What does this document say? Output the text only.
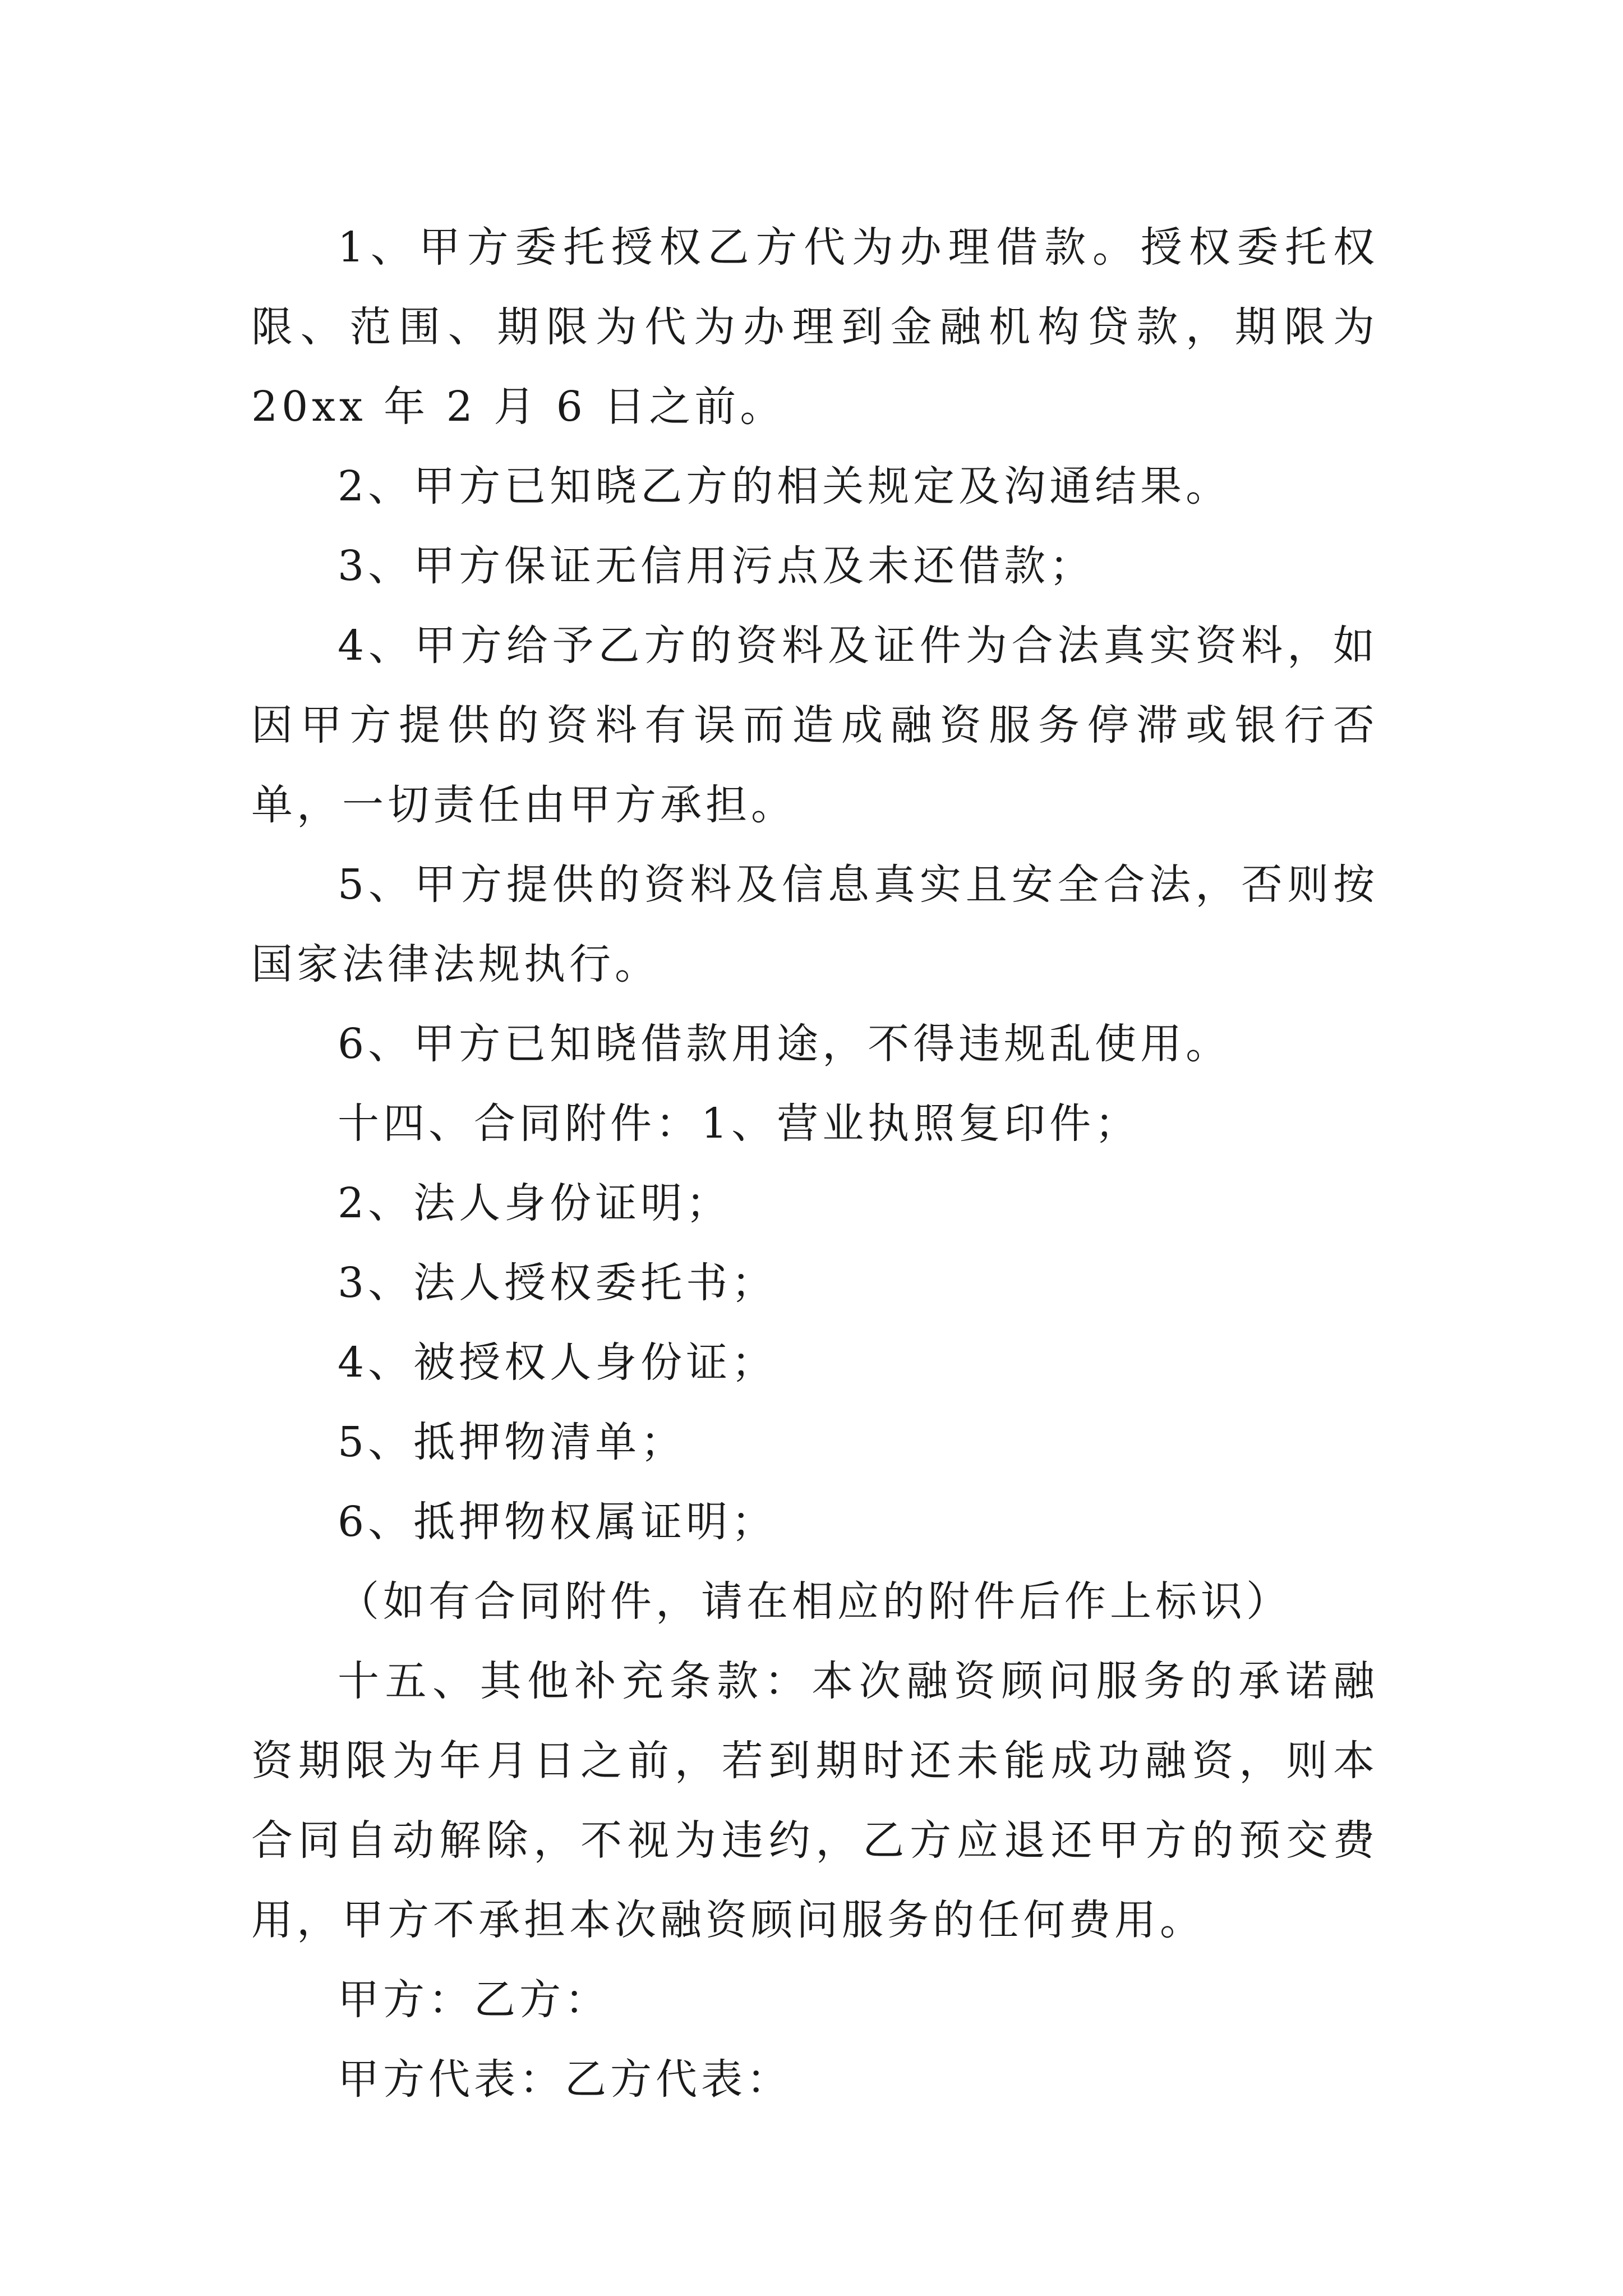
1、甲方委托授权乙方代为办理借款。授权委托权限、范围、期限为代为办理到金融机构贷款，期限为 20xx 年 2 月 6 日之前。

2、甲方已知晓乙方的相关规定及沟通结果。

3、甲方保证无信用污点及未还借款；

4、甲方给予乙方的资料及证件为合法真实资料，如因甲方提供的资料有误而造成融资服务停滞或银行否单，一切责任由甲方承担。

5、甲方提供的资料及信息真实且安全合法，否则按国家法律法规执行。

6、甲方已知晓借款用途，不得违规乱使用。

十四、合同附件：1、营业执照复印件；

2、法人身份证明；

3、法人授权委托书；

4、被授权人身份证；

5、抵押物清单；

6、抵押物权属证明；

（如有合同附件，请在相应的附件后作上标识）

十五、其他补充条款：本次融资顾问服务的承诺融资期限为年月日之前，若到期时还未能成功融资，则本合同自动解除，不视为违约，乙方应退还甲方的预交费用，甲方不承担本次融资顾问服务的任何费用。

甲方：乙方：

甲方代表：乙方代表：
